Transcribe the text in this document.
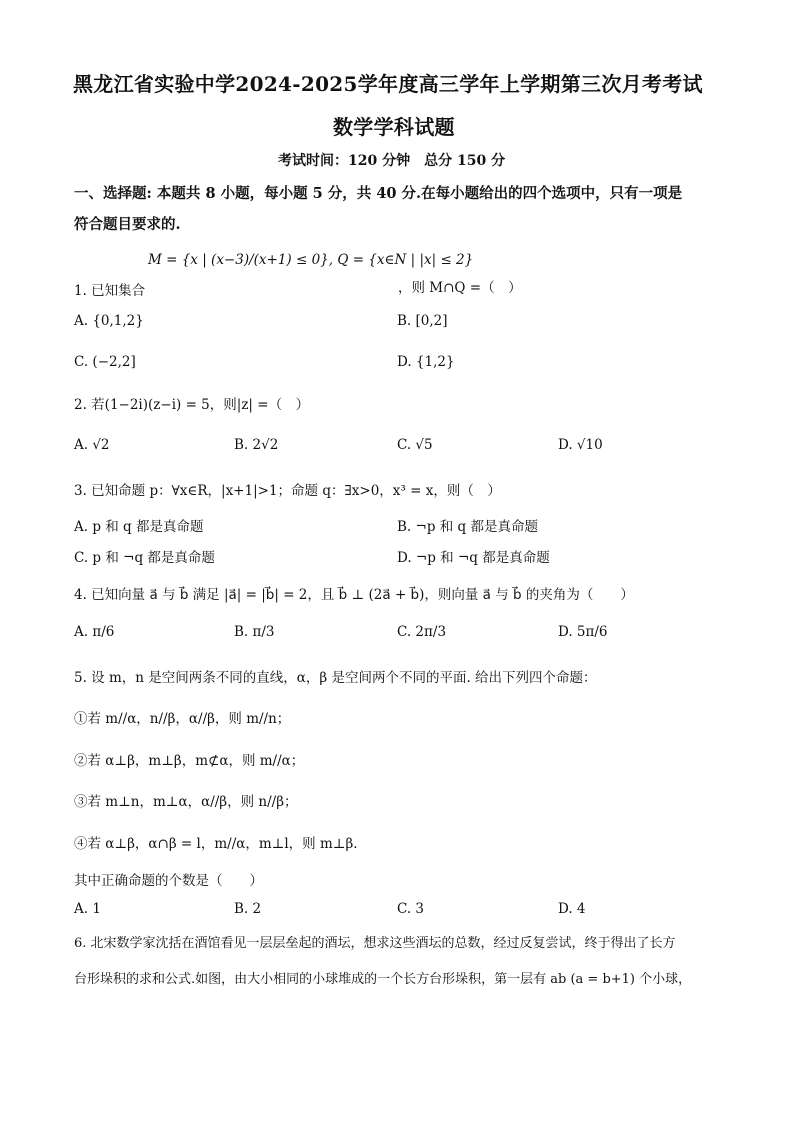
黑龙江省实验中学2024-2025学年度高三学年上学期第三次月考考试
数学学科试题
考试时间：120 分钟　总分 150 分
一、选择题: 本题共 8 小题，每小题 5 分，共 40 分.在每小题给出的四个选项中，只有一项是
符合题目要求的.
1. 已知集合
M = {x | (x−3)/(x+1) ≤ 0}, Q = {x∈N | |x| ≤ 2}
，则 M∩Q =（　）
A. {0,1,2}	B. [0,2]
C. (−2,2]	D. {1,2}
2. 若(1−2i)(z−i) = 5，则|z| =（　）
A. √2	B. 2√2	C. √5	D. √10
3. 已知命题 p：∀x∈R，|x+1|>1；命题 q：∃x>0，x³ = x，则（　）
A. p 和 q 都是真命题	B. ¬p 和 q 都是真命题
C. p 和 ¬q 都是真命题	D. ¬p 和 ¬q 都是真命题
4. 已知向量 a⃗ 与 b⃗ 满足 |a⃗| = |b⃗| = 2，且 b⃗ ⊥ (2a⃗ + b⃗)，则向量 a⃗ 与 b⃗ 的夹角为（　　）
A. π/6	B. π/3	C. 2π/3	D. 5π/6
5. 设 m，n 是空间两条不同的直线，α，β 是空间两个不同的平面. 给出下列四个命题：
①若 m//α，n//β，α//β，则 m//n；
②若 α⊥β，m⊥β，m⊄α，则 m//α；
③若 m⊥n，m⊥α，α//β，则 n//β；
④若 α⊥β，α∩β = l，m//α，m⊥l，则 m⊥β.
其中正确命题的个数是（　　）
A. 1	B. 2	C. 3	D. 4
6. 北宋数学家沈括在酒馆看见一层层垒起的酒坛，想求这些酒坛的总数，经过反复尝试，终于得出了长方
台形垛积的求和公式.如图，由大小相同的小球堆成的一个长方台形垛积，第一层有 ab (a = b+1) 个小球，
